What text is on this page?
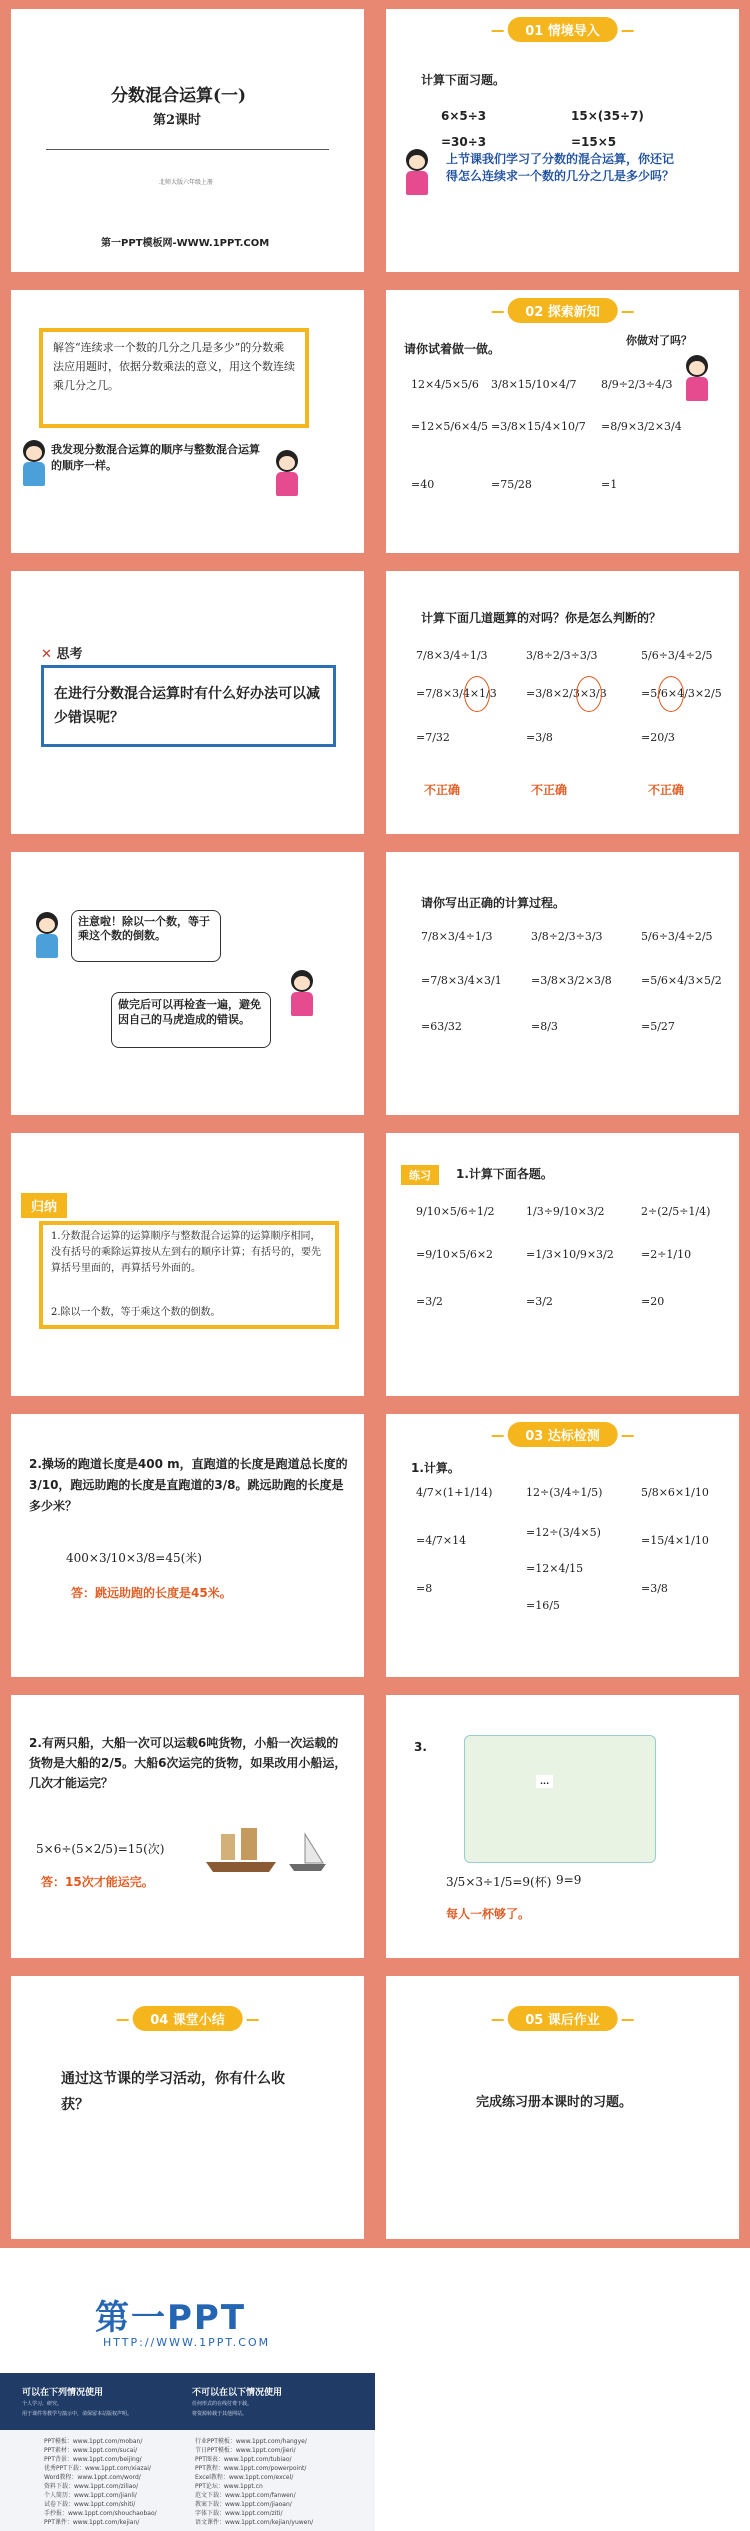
分数混合运算(一)
第2课时
北师大版六年级上册
第一PPT模板网-WWW.1PPT.COM
01 情境导入
计算下面习题。
6×5÷3	15×(35÷7)
=30÷3	=15×5
上节课我们学习了分数的混合运算，你还记得怎么连续求一个数的几分之几是多少吗？
解答“连续求一个数的几分之几是多少”的分数乘法应用题时，依据分数乘法的意义，用这个数连续乘几分之几。
我发现分数混合运算的顺序与整数混合运算的顺序一样。
02 探索新知
请你试着做一做。
你做对了吗？
12×4/5×5/6
=12×5/6×4/5
=40
3/8×15/10×4/7
=3/8×15/4×10/7
=75/28
8/9÷2/3÷4/3
=8/9×3/2×3/4
=1
✕ 思考
在进行分数混合运算时有什么好办法可以减少错误呢？
计算下面几道题算的对吗？你是怎么判断的？
7/8×3/4÷1/3
=7/8×3/4×1/3
=7/32
3/8÷2/3÷3/3
=3/8×2/3×3/3
=3/8
5/6÷3/4÷2/5
=5/6×4/3×2/5
=20/3
不正确	不正确	不正确
注意啦！除以一个数，等于乘这个数的倒数。
做完后可以再检查一遍，避免因自己的马虎造成的错误。
请你写出正确的计算过程。
7/8×3/4÷1/3
=7/8×3/4×3/1
=63/32
3/8÷2/3÷3/3
=3/8×3/2×3/8
=8/3
5/6÷3/4÷2/5
=5/6×4/3×5/2
=5/27
归纳
1.分数混合运算的运算顺序与整数混合运算的运算顺序相同，没有括号的乘除运算按从左到右的顺序计算；有括号的，要先算括号里面的，再算括号外面的。
2.除以一个数，等于乘这个数的倒数。
练习	1.计算下面各题。
9/10×5/6÷1/2
=9/10×5/6×2
=3/2
1/3÷9/10×3/2
=1/3×10/9×3/2
=3/2
2÷(2/5÷1/4)
=2÷1/10
=20
2.操场的跑道长度是400 m，直跑道的长度是跑道总长度的3/10，跑远助跑的长度是直跑道的3/8。跳远助跑的长度是多少米？
400×3/10×3/8=45(米)
答：跳远助跑的长度是45米。
03 达标检测
1.计算。
4/7×(1+1/14)
=4/7×14
=8
12÷(3/4÷1/5)
=12÷(3/4×5)
=12×4/15
=16/5
5/8×6×1/10
=15/4×1/10
=3/8
2.有两只船，大船一次可以运载6吨货物，小船一次运载的货物是大船的2/5。大船6次运完的货物，如果改用小船运，几次才能运完？
5×6÷(5×2/5)=15(次)
答：15次才能运完。
3.
...
3/5×3÷1/5=9(杯) 9=9
每人一杯够了。
04 课堂小结
通过这节课的学习活动，你有什么收获？
05 课后作业
完成练习册本课时的习题。
第一PPT
HTTP://WWW.1PPT.COM
可以在下列情况使用	不可以在以下情况使用
个人学习、研究。
用于课件等教学与演示中，请保留本站版权声明。
任何形式的在线付费下载。
将资源转载于其他网站。
PPT模板：www.1ppt.com/moban/
PPT素材：www.1ppt.com/sucai/
PPT背景：www.1ppt.com/beijing/
优秀PPT下载：www.1ppt.com/xiazai/
Word教程：www.1ppt.com/word/
资料下载：www.1ppt.com/ziliao/
个人简历：www.1ppt.com/jianli/
试卷下载：www.1ppt.com/shiti/
手抄报：www.1ppt.com/shouchaobao/
PPT课件：www.1ppt.com/kejian/
行业PPT模板：www.1ppt.com/hangye/
节日PPT模板：www.1ppt.com/jieri/
PPT图表：www.1ppt.com/tubiao/
PPT教程：www.1ppt.com/powerpoint/
Excel教程：www.1ppt.com/excel/
PPT论坛：www.1ppt.cn
范文下载：www.1ppt.com/fanwen/
教案下载：www.1ppt.com/jiaoan/
字体下载：www.1ppt.com/ziti/
语文课件：www.1ppt.com/kejian/yuwen/
